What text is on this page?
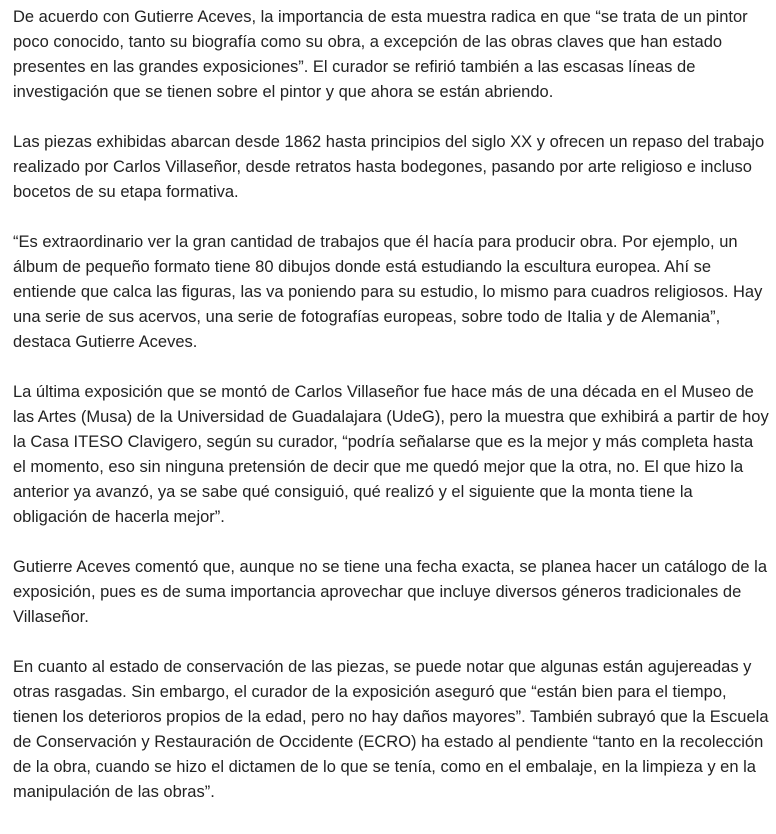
De acuerdo con Gutierre Aceves, la importancia de esta muestra radica en que “se trata de un pintor poco conocido, tanto su biografía como su obra, a excepción de las obras claves que han estado presentes en las grandes exposiciones”. El curador se refirió también a las escasas líneas de investigación que se tienen sobre el pintor y que ahora se están abriendo.

Las piezas exhibidas abarcan desde 1862 hasta principios del siglo XX y ofrecen un repaso del trabajo realizado por Carlos Villaseñor, desde retratos hasta bodegones, pasando por arte religioso e incluso bocetos de su etapa formativa.

“Es extraordinario ver la gran cantidad de trabajos que él hacía para producir obra. Por ejemplo, un álbum de pequeño formato tiene 80 dibujos donde está estudiando la escultura europea. Ahí se entiende que calca las figuras, las va poniendo para su estudio, lo mismo para cuadros religiosos. Hay una serie de sus acervos, una serie de fotografías europeas, sobre todo de Italia y de Alemania”, destaca Gutierre Aceves.

La última exposición que se montó de Carlos Villaseñor fue hace más de una década en el Museo de las Artes (Musa) de la Universidad de Guadalajara (UdeG), pero la muestra que exhibirá a partir de hoy la Casa ITESO Clavigero, según su curador, “podría señalarse que es la mejor y más completa hasta el momento, eso sin ninguna pretensión de decir que me quedó mejor que la otra, no. El que hizo la anterior ya avanzó, ya se sabe qué consiguió, qué realizó y el siguiente que la monta tiene la obligación de hacerla mejor”.

Gutierre Aceves comentó que, aunque no se tiene una fecha exacta, se planea hacer un catálogo de la exposición, pues es de suma importancia aprovechar que incluye diversos géneros tradicionales de Villaseñor.

En cuanto al estado de conservación de las piezas, se puede notar que algunas están agujereadas y otras rasgadas. Sin embargo, el curador de la exposición aseguró que “están bien para el tiempo, tienen los deterioros propios de la edad, pero no hay daños mayores”. También subrayó que la Escuela de Conservación y Restauración de Occidente (ECRO) ha estado al pendiente “tanto en la recolección de la obra, cuando se hizo el dictamen de lo que se tenía, como en el embalaje, en la limpieza y en la manipulación de las obras”.
